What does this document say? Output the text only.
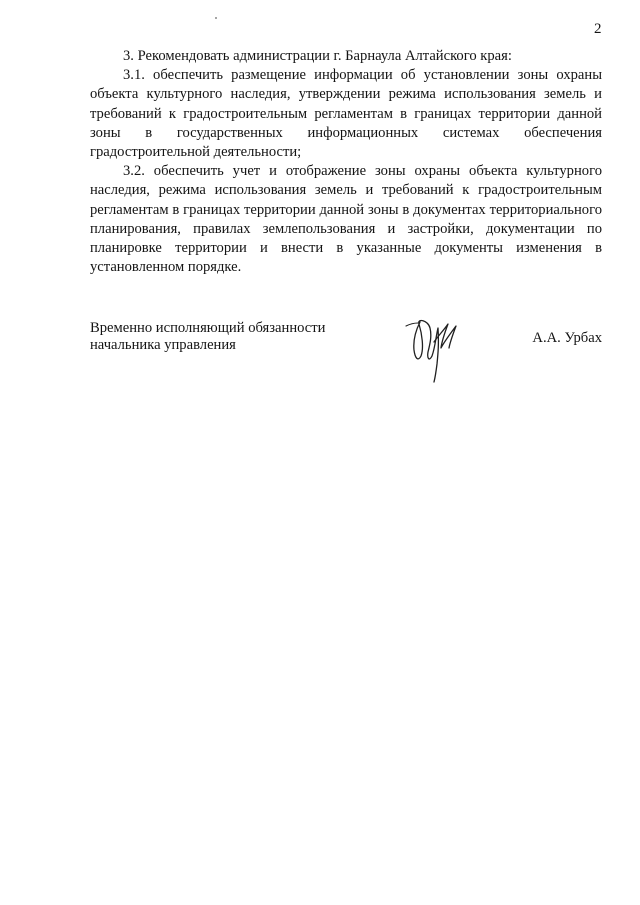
2

3. Рекомендовать администрации г. Барнаула Алтайского края:

3.1. обеспечить размещение информации об установлении зоны охраны объекта культурного наследия, утверждении режима использования земель и требований к градостроительным регламентам в границах территории данной зоны в государственных информационных системах обеспечения градостроительной деятельности;

3.2. обеспечить учет и отображение зоны охраны объекта культурного наследия, режима использования земель и требований к градостроительным регламентам в границах территории данной зоны в документах территориального планирования, правилах землепользования и застройки, документации по планировке территории и внести в указанные документы изменения в установленном порядке.

Временно исполняющий обязанности
начальника управления	А.А. Урбах
